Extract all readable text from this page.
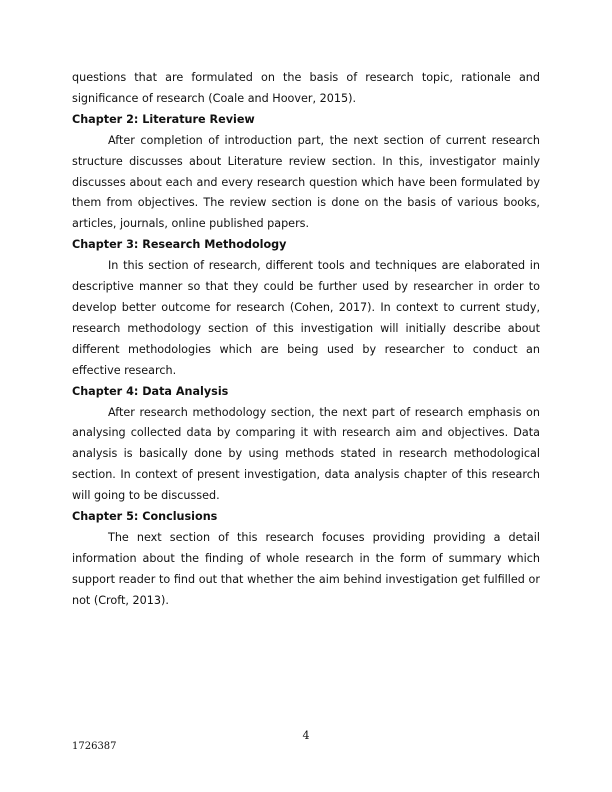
questions that are formulated on the basis of research topic, rationale and significance of research (Coale and Hoover, 2015).

Chapter 2: Literature Review

After completion of introduction part, the next section of current research structure discusses about Literature review section. In this, investigator mainly discusses about each and every research question which have been formulated by them from objectives. The review section is done on the basis of various books, articles, journals, online published papers.

Chapter 3: Research Methodology

In this section of research, different tools and techniques are elaborated in descriptive manner so that they could be further used by researcher in order to develop better outcome for research (Cohen, 2017). In context to current study, research methodology section of this investigation will initially describe about different methodologies which are being used by researcher to conduct an effective research.

Chapter 4: Data Analysis

After research methodology section, the next part of research emphasis on analysing collected data by comparing it with research aim and objectives. Data analysis is basically done by using methods stated in research methodological section. In context of present investigation, data analysis chapter of this research will going to be discussed.

Chapter 5: Conclusions

The next section of this research focuses providing providing a detail information about the finding of whole research in the form of summary which support reader to find out that whether the aim behind investigation get fulfilled or not (Croft, 2013).

4
1726387
